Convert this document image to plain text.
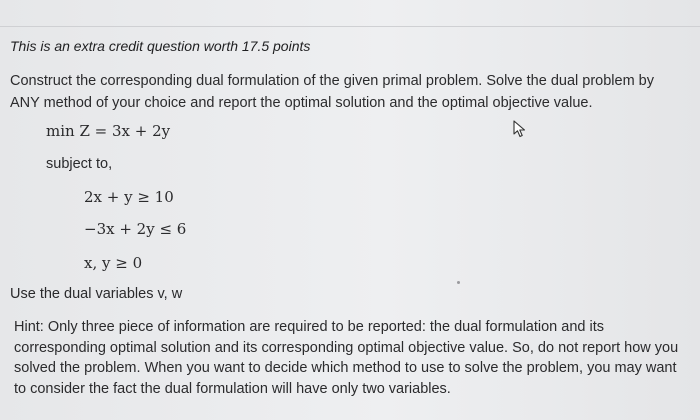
This is an extra credit question worth 17.5 points
Construct the corresponding dual formulation of the given primal problem. Solve the dual problem by ANY method of your choice and report the optimal solution and the optimal objective value.
min Z = 3x + 2y
subject to,
2x + y ≥ 10
−3x + 2y ≤ 6
x, y ≥ 0
Use the dual variables v, w
Hint: Only three piece of information are required to be reported: the dual formulation and its corresponding optimal solution and its corresponding optimal objective value. So, do not report how you solved the problem. When you want to decide which method to use to solve the problem, you may want to consider the fact the dual formulation will have only two variables.
